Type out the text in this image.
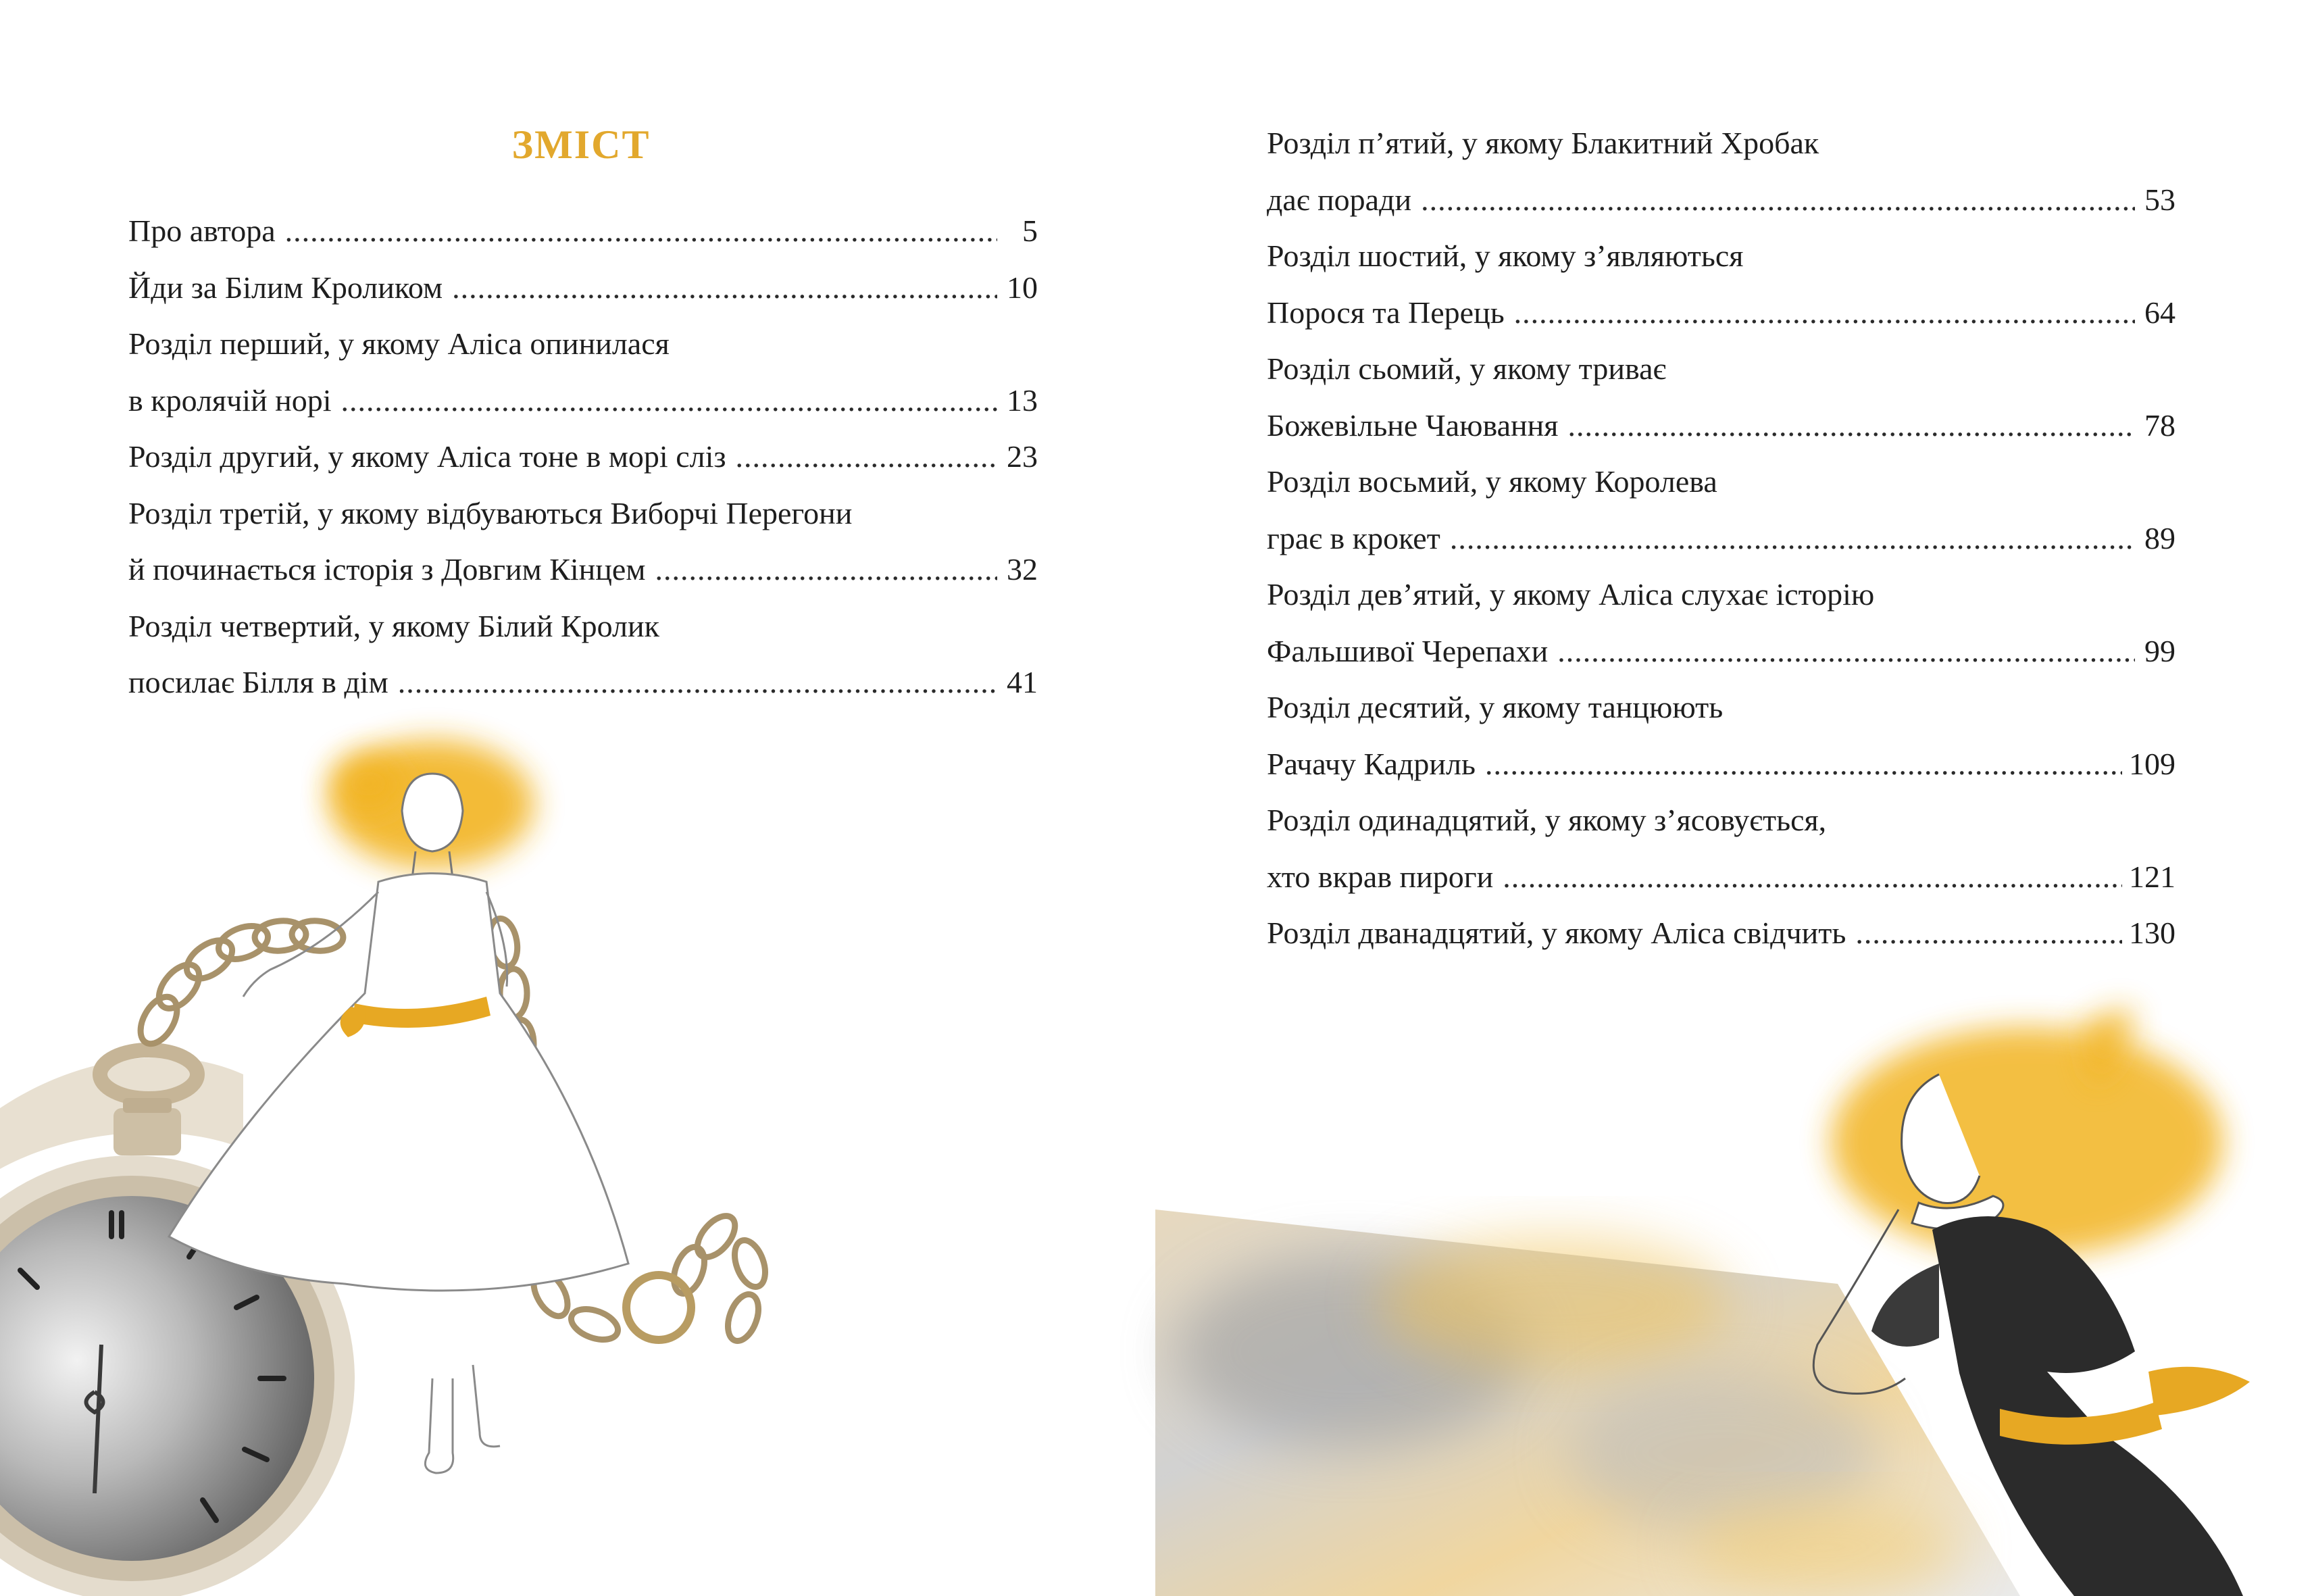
ЗМІСТ
Про автора .....	5
Йди за Білим Кроликом .....	10
Розділ перший, у якому Аліса опинилася
в кролячій норі .....	13
Розділ другий, у якому Аліса тоне в морі сліз .....	23
Розділ третій, у якому відбуваються Виборчі Перегони
й починається історія з Довгим Кінцем .....	32
Розділ четвертий, у якому Білий Кролик
посилає Білля в дім .....	41
Розділ п’ятий, у якому Блакитний Хробак
дає поради .....	53
Розділ шостий, у якому з’являються
Порося та Перець .....	64
Розділ сьомий, у якому триває
Божевільне Чаювання .....	78
Розділ восьмий, у якому Королева
грає в крокет .....	89
Розділ дев’ятий, у якому Аліса слухає історію
Фальшивої Черепахи .....	99
Розділ десятий, у якому танцюють
Рачачу Кадриль .....	109
Розділ одинадцятий, у якому з’ясовується,
хто вкрав пироги .....	121
Розділ дванадцятий, у якому Аліса свідчить .....	130
